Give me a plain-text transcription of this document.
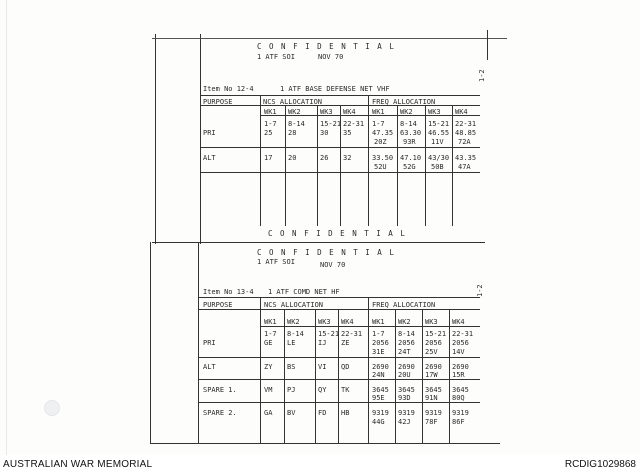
C O N F I D E N T I A L
1 ATF SOI	NOV 70
1-2
Item No 12-4	1 ATF BASE DEFENSE NET VHF
PURPOSE	NCS ALLOCATION	FREQ ALLOCATION
WK1 WK2	WK3 WK4 WK1 WK2 WK3 WK4
1-7 8-14 15-21 22-31 1-7 8-14 15-21 22-31
PRI	25 28	30 35	47.35 63.30 46.55 48.85
20Z 93R 11V 72A
ALT	17 20	26 32	33.50 47.10 43/30 43.35
52U 52G 50B 47A
C O N F I D E N T I A L
C O N F I D E N T I A L
1 ATF SOI	NOV 70
1-2
Item No 13-4 1 ATF COMD NET HF
PURPOSE	NCS ALLOCATION	FREQ ALLOCATION
WK1 WK2	WK3 WK4	WK1 WK2 WK3 WK4
1-7 8-14 15-21 22-31 1-7 8-14 15-21 22-31
PRI	GE LE	IJ ZE	2056 2056 2056 2056
31E 24T 25V 14V
ALT	ZY BS	VI QD	2690 2690 2690 2690
24N 20U 17W 15R
SPARE 1.	VM PJ	QY TK	3645 3645 3645 3645
95E 93D 91N 80Q
SPARE 2.	GA BV	FD HB	9319 9319 9319 9319
44G 42J 78F 86F
AUSTRALIAN WAR MEMORIAL	RCDIG1029868
